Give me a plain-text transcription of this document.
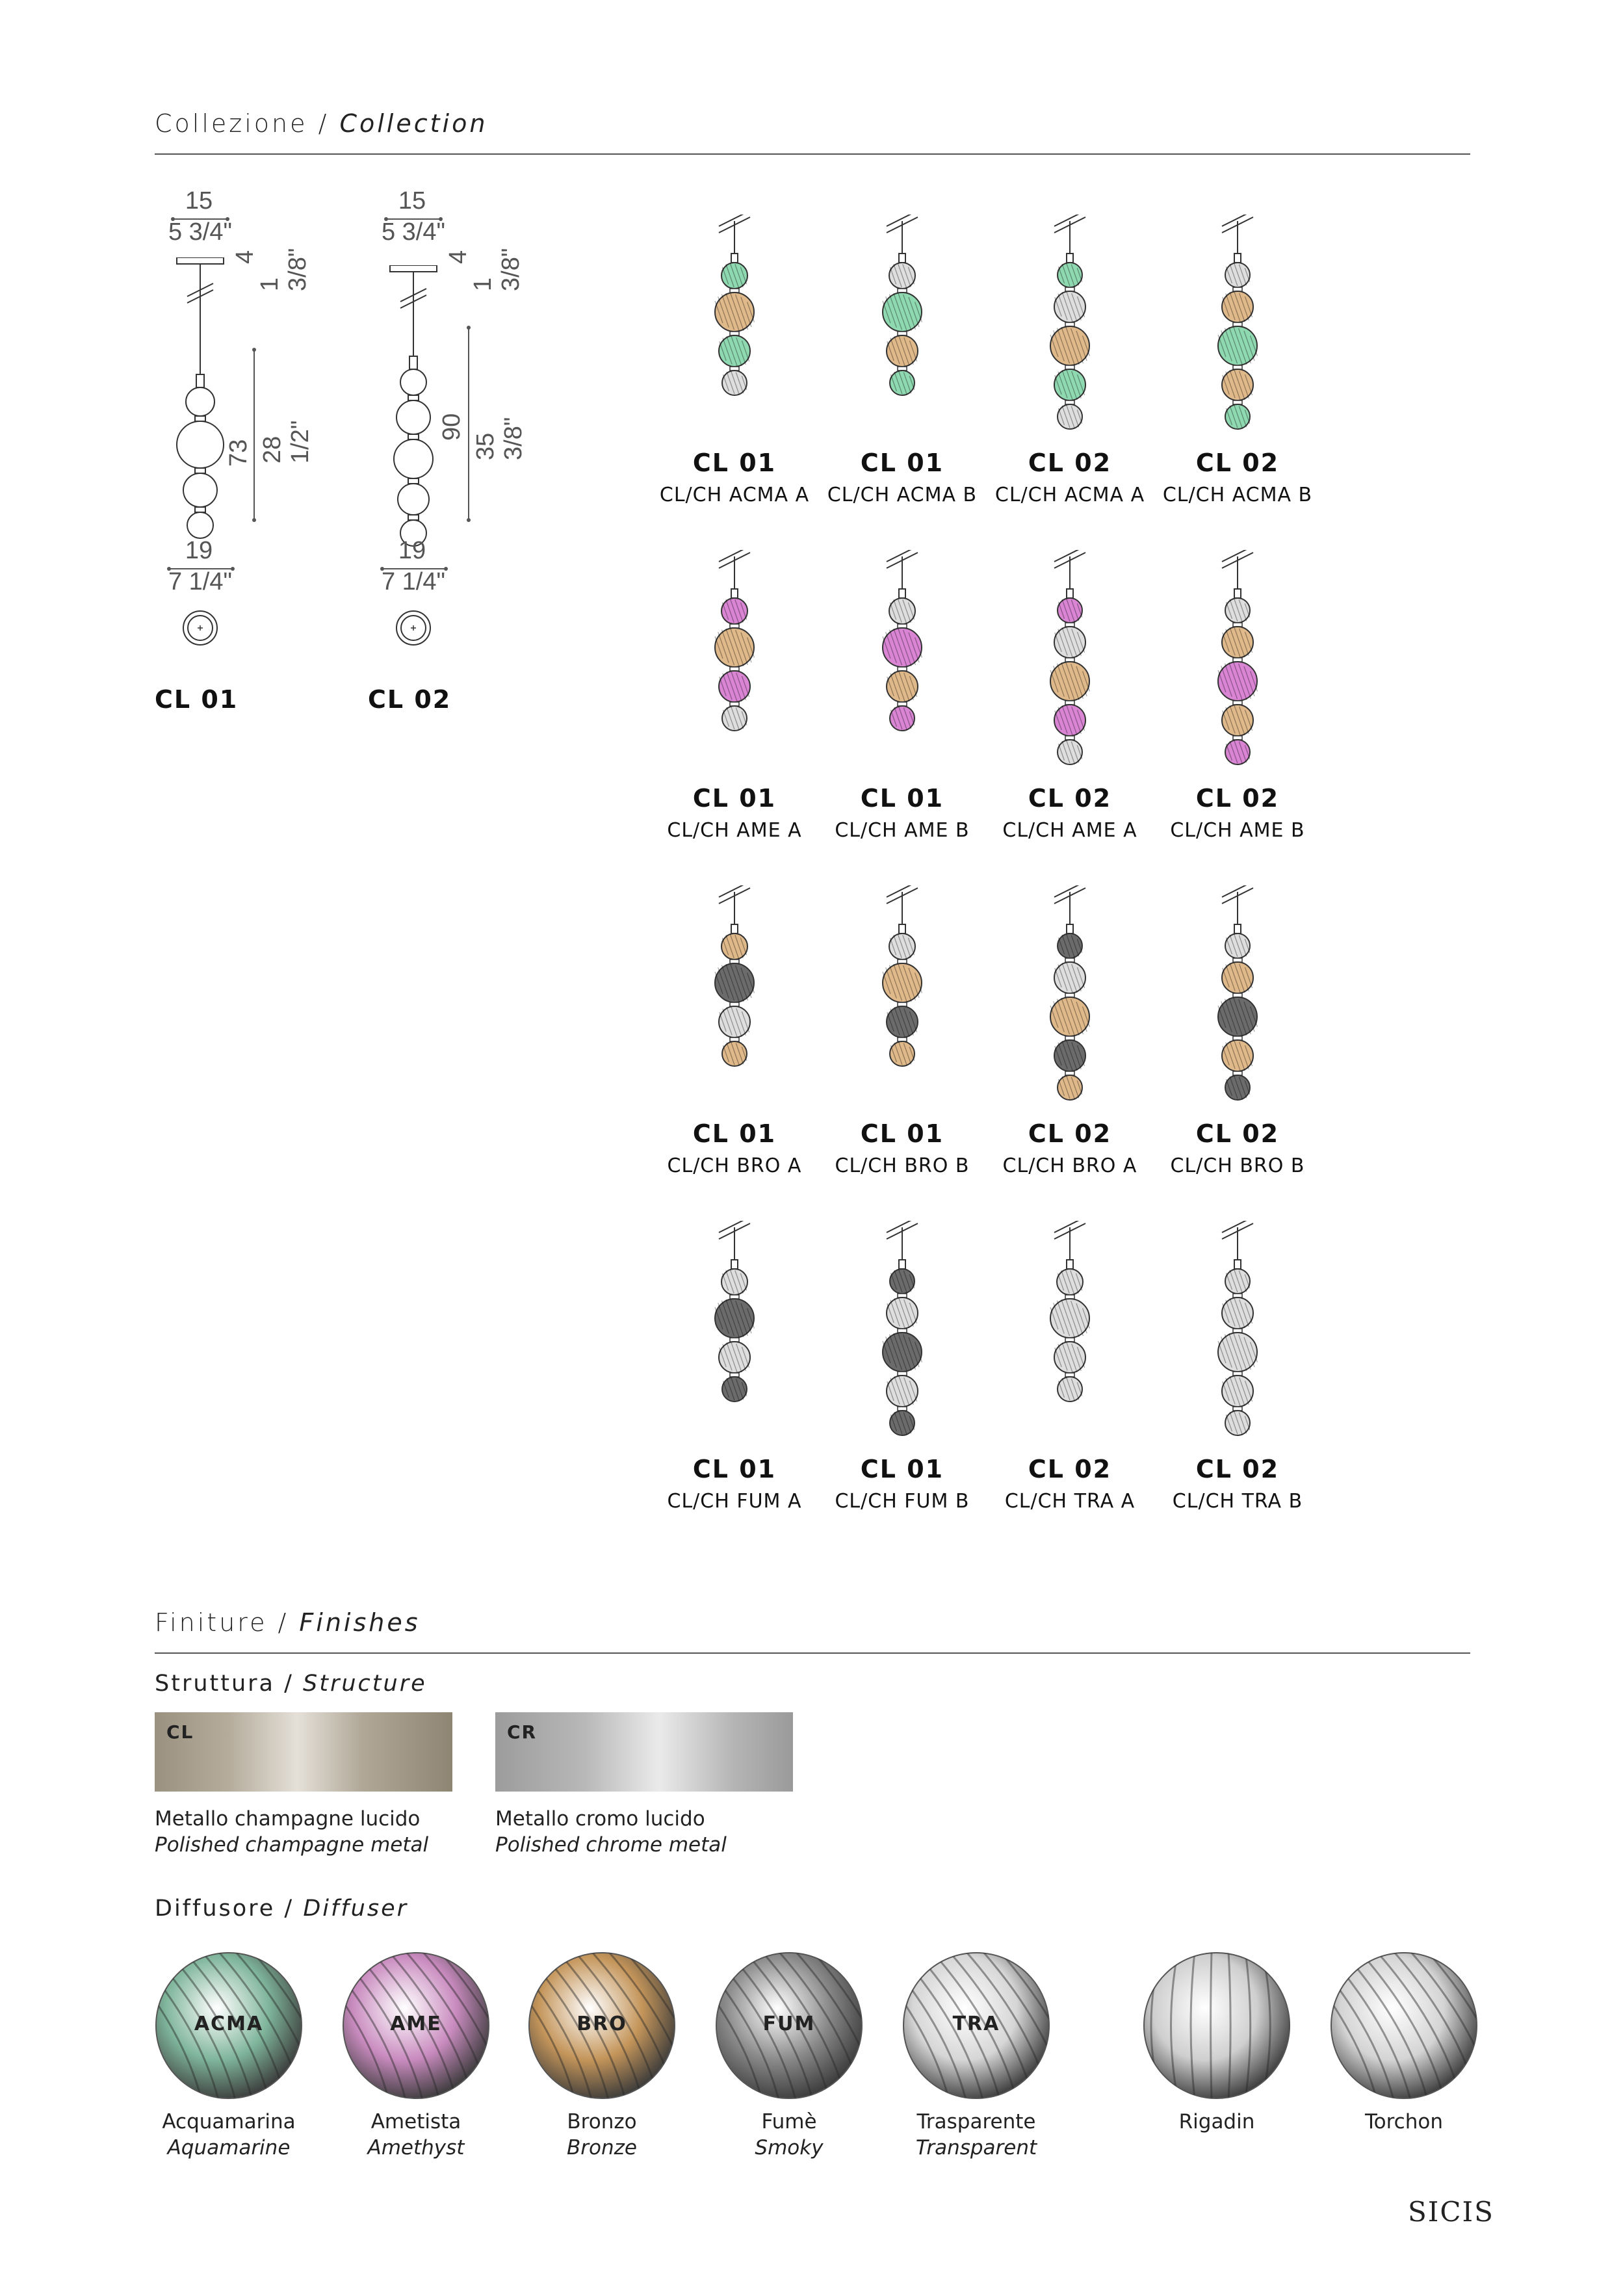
Collezione / Collection
15
5 3/4"
4
1 3/8"
73 28 1/2"
19
7 1/4"
CL 01
15
5 3/4"
4
1 3/8"
90
35 3/8"
19
7 1/4"
CL 02
CL 01
CL/CH ACMA A
CL 01
CL/CH ACMA B
CL 02
CL/CH ACMA A
CL 02
CL/CH ACMA B
CL 01
CL/CH AME A
CL 01
CL/CH AME B
CL 02
CL/CH AME A
CL 02
CL/CH AME B
CL 01
CL/CH BRO A
CL 01
CL/CH BRO B
CL 02
CL/CH BRO A
CL 02
CL/CH BRO B
CL 01
CL/CH FUM A
CL 01
CL/CH FUM B
CL 02
CL/CH TRA A
CL 02
CL/CH TRA B
Finiture / Finishes
Struttura / Structure
CL
Metallo champagne lucido
Polished champagne metal
CR
Metallo cromo lucido
Polished chrome metal
Diffusore / Diffuser
ACMA
Acquamarina
Aquamarine
AME
Ametista
Amethyst
BRO
Bronzo
Bronze
FUM
Fumè
Smoky
TRA
Trasparente
Transparent
Rigadin	Torchon
SICIS
